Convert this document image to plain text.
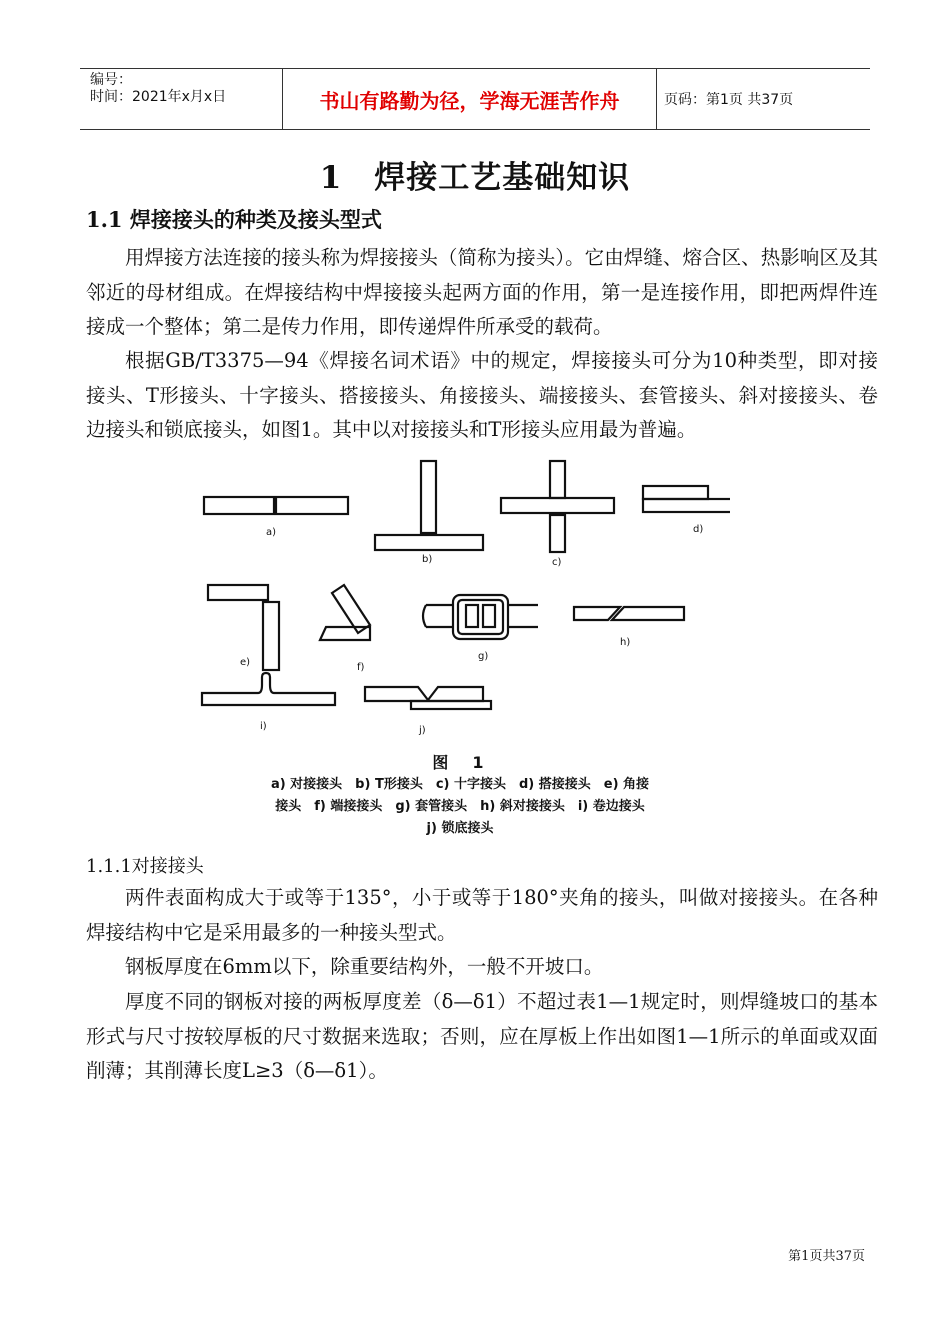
编号：
时间：2021年x月x日	书山有路勤为径，学海无涯苦作舟	页码：第1页 共37页
1　焊接工艺基础知识
1.1 焊接接头的种类及接头型式

用焊接方法连接的接头称为焊接接头（简称为接头）。它由焊缝、熔合区、热影响区及其邻近的母材组成。在焊接结构中焊接接头起两方面的作用，第一是连接作用，即把两焊件连接成一个整体；第二是传力作用，即传递焊件所承受的载荷。

根据GB/T3375—94《焊接名词术语》中的规定，焊接接头可分为10种类型，即对接接头、T形接头、十字接头、搭接接头、角接接头、端接接头、套管接头、斜对接接头、卷边接头和锁底接头，如图1。其中以对接接头和T形接头应用最为普遍。

a)
b)	c)
d)
e)	f)
g)
h)
i)	j)
图　1
a) 对接接头　b) T形接头　c) 十字接头　d) 搭接接头　e) 角接
接头　f) 端接接头　g) 套管接头　h) 斜对接接头　i) 卷边接头
j) 锁底接头
1.1.1对接接头

两件表面构成大于或等于135°，小于或等于180°夹角的接头，叫做对接接头。在各种焊接结构中它是采用最多的一种接头型式。

钢板厚度在6mm以下，除重要结构外，一般不开坡口。

厚度不同的钢板对接的两板厚度差（δ—δ1）不超过表1—1规定时，则焊缝坡口的基本形式与尺寸按较厚板的尺寸数据来选取；否则，应在厚板上作出如图1—1所示的单面或双面削薄；其削薄长度L≥3（δ—δ1）。

第1页共37页
